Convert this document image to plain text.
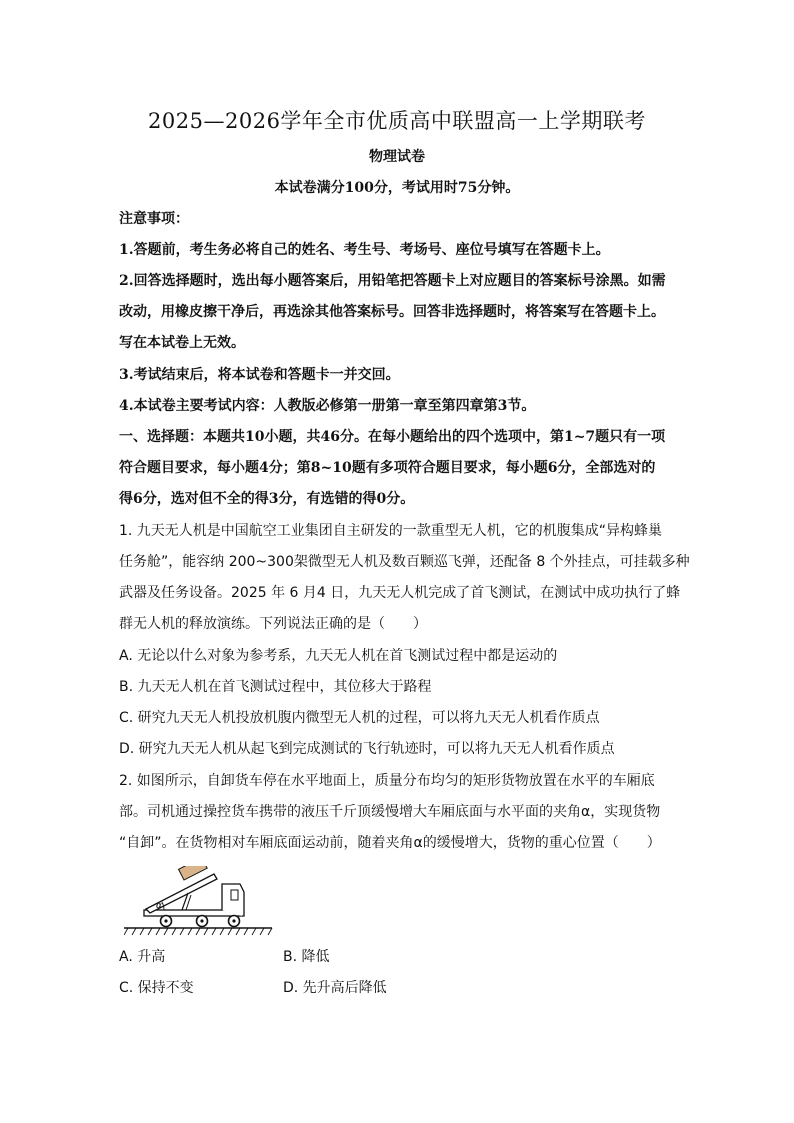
2025—2026学年全市优质高中联盟高一上学期联考
物理试卷
本试卷满分100分，考试用时75分钟。
注意事项：
1.答题前，考生务必将自己的姓名、考生号、考场号、座位号填写在答题卡上。
2.回答选择题时，选出每小题答案后，用铅笔把答题卡上对应题目的答案标号涂黑。如需
改动，用橡皮擦干净后，再选涂其他答案标号。回答非选择题时，将答案写在答题卡上。
写在本试卷上无效。
3.考试结束后，将本试卷和答题卡一并交回。
4.本试卷主要考试内容：人教版必修第一册第一章至第四章第3节。
一、选择题：本题共10小题，共46分。在每小题给出的四个选项中，第1~7题只有一项
符合题目要求，每小题4分；第8~10题有多项符合题目要求，每小题6分，全部选对的
得6分，选对但不全的得3分，有选错的得0分。
1. 九天无人机是中国航空工业集团自主研发的一款重型无人机，它的机腹集成“异构蜂巢
任务舱”，能容纳 200~300架微型无人机及数百颗巡飞弹，还配备 8 个外挂点，可挂载多种
武器及任务设备。2025 年 6 月4 日，九天无人机完成了首飞测试，在测试中成功执行了蜂
群无人机的释放演练。下列说法正确的是（　　）
A. 无论以什么对象为参考系，九天无人机在首飞测试过程中都是运动的
B. 九天无人机在首飞测试过程中，其位移大于路程
C. 研究九天无人机投放机腹内微型无人机的过程，可以将九天无人机看作质点
D. 研究九天无人机从起飞到完成测试的飞行轨迹时，可以将九天无人机看作质点
2. 如图所示，自卸货车停在水平地面上，质量分布均匀的矩形货物放置在水平的车厢底
部。司机通过操控货车携带的液压千斤顶缓慢增大车厢底面与水平面的夹角α，实现货物
“自卸”。在货物相对车厢底面运动前，随着夹角α的缓慢增大，货物的重心位置（　　）
α
A. 升高	B. 降低
C. 保持不变	D. 先升高后降低
